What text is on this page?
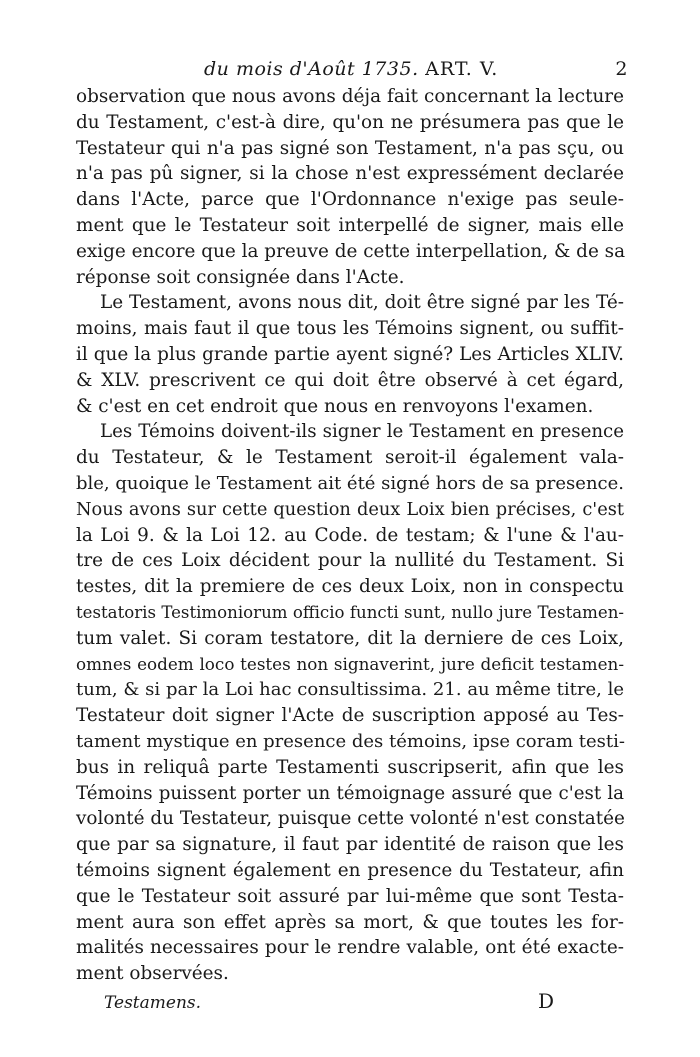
du mois d'Août 1735. ART. V.	2
observation que nous avons déja fait concernant la lecture
du Testament, c'est-à dire, qu'on ne présumera pas que le
Testateur qui n'a pas signé son Testament, n'a pas sçu, ou
n'a pas pû signer, si la chose n'est expressément declarée
dans l'Acte, parce que l'Ordonnance n'exige pas seule-
ment que le Testateur soit interpellé de signer, mais elle
exige encore que la preuve de cette interpellation, & de sa
réponse soit consignée dans l'Acte.
Le Testament, avons nous dit, doit être signé par les Té-
moins, mais faut il que tous les Témoins signent, ou suffit-
il que la plus grande partie ayent signé? Les Articles XLIV.
& XLV. prescrivent ce qui doit être observé à cet égard,
& c'est en cet endroit que nous en renvoyons l'examen.
Les Témoins doivent-ils signer le Testament en presence
du Testateur, & le Testament seroit-il également vala-
ble, quoique le Testament ait été signé hors de sa presence.
Nous avons sur cette question deux Loix bien précises, c'est
la Loi 9. & la Loi 12. au Code. de testam; & l'une & l'au-
tre de ces Loix décident pour la nullité du Testament. Si
testes, dit la premiere de ces deux Loix, non in conspectu
testatoris Testimoniorum officio functi sunt, nullo jure Testamen-
tum valet. Si coram testatore, dit la derniere de ces Loix,
omnes eodem loco testes non signaverint, jure deficit testamen-
tum, & si par la Loi hac consultissima. 21. au même titre, le
Testateur doit signer l'Acte de suscription apposé au Tes-
tament mystique en presence des témoins, ipse coram testi-
bus in reliquâ parte Testamenti suscripserit, afin que les
Témoins puissent porter un témoignage assuré que c'est la
volonté du Testateur, puisque cette volonté n'est constatée
que par sa signature, il faut par identité de raison que les
témoins signent également en presence du Testateur, afin
que le Testateur soit assuré par lui-même que sont Testa-
ment aura son effet après sa mort, & que toutes les for-
malités necessaires pour le rendre valable, ont été exacte-
ment observées.
Testamens.	D
